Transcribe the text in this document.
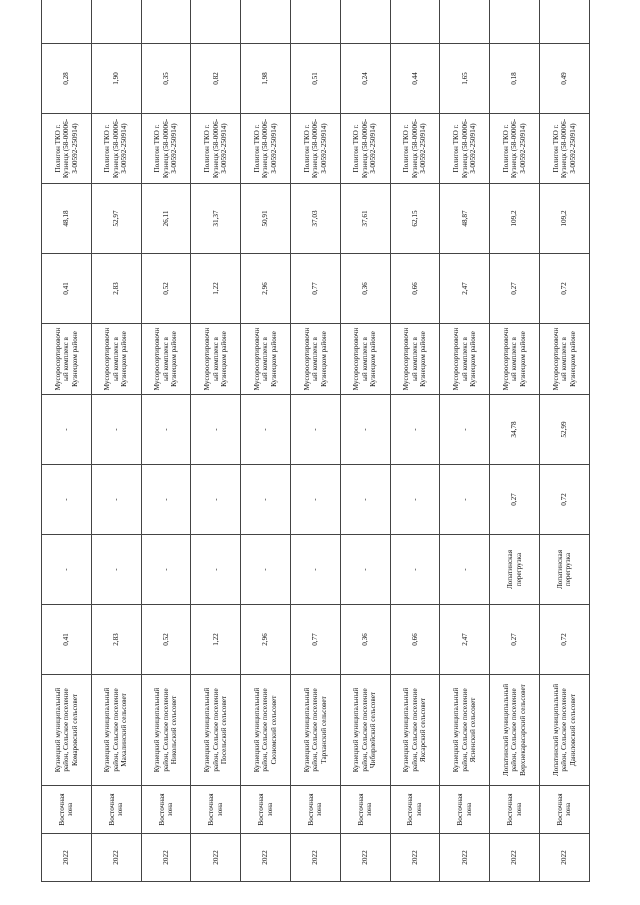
2022	Восточная зона	Кузнецкий муниципальный район, Сельское поселение Комаровский сельсовет	0,41	-	-	-	Мусоросортировочный комплекс в Кузнецком районе	0,41	48,18	Полигон ТКО г. Кузнецк (58-00006-З-00592-250914)	0,28	
2022	Восточная зона	Кузнецкий муниципальный район, Сельское поселение Махалинский сельсовет	2,83	-	-	-	Мусоросортировочный комплекс в Кузнецком районе	2,83	52,97	Полигон ТКО г. Кузнецк (58-00006-З-00592-250914)	1,90	
2022	Восточная зона	Кузнецкий муниципальный район, Сельское поселение Никольский сельсовет	0,52	-	-	-	Мусоросортировочный комплекс в Кузнецком районе	0,52	26,11	Полигон ТКО г. Кузнецк (58-00006-З-00592-250914)	0,35	
2022	Восточная зона	Кузнецкий муниципальный район, Сельское поселение Посельский сельсовет	1,22	-	-	-	Мусоросортировочный комплекс в Кузнецком районе	1,22	31,37	Полигон ТКО г. Кузнецк (58-00006-З-00592-250914)	0,82	
2022	Восточная зона	Кузнецкий муниципальный район, Сельское поселение Сюзюмский сельсовет	2,96	-	-	-	Мусоросортировочный комплекс в Кузнецком районе	2,96	50,91	Полигон ТКО г. Кузнецк (58-00006-З-00592-250914)	1,98	
2022	Восточная зона	Кузнецкий муниципальный район, Сельское поселение Тарханский сельсовет	0,77	-	-	-	Мусоросортировочный комплекс в Кузнецком районе	0,77	37,03	Полигон ТКО г. Кузнецк (58-00006-З-00592-250914)	0,51	
2022	Восточная зона	Кузнецкий муниципальный район, Сельское поселение Чибирлейский сельсовет	0,36	-	-	-	Мусоросортировочный комплекс в Кузнецком районе	0,36	37,61	Полигон ТКО г. Кузнецк (58-00006-З-00592-250914)	0,24	
2022	Восточная зона	Кузнецкий муниципальный район, Сельское поселение Яксарский сельсовет	0,66	-	-	-	Мусоросортировочный комплекс в Кузнецком районе	0,66	62,15	Полигон ТКО г. Кузнецк (58-00006-З-00592-250914)	0,44	
2022	Восточная зона	Кузнецкий муниципальный район, Сельское поселение Ясненский сельсовет	2,47	-	-	-	Мусоросортировочный комплекс в Кузнецком районе	2,47	48,87	Полигон ТКО г. Кузнецк (58-00006-З-00592-250914)	1,65	
2022	Восточная зона	Лопатинский муниципальный район, Сельское поселение Верхнекарасарский сельсовет	0,27	Лопатинская перегрузка	0,27	34,78	Мусоросортировочный комплекс в Кузнецком районе	0,27	109,2	Полигон ТКО г. Кузнецк (58-00006-З-00592-250914)	0,18	
2022	Восточная зона	Лопатинский муниципальный район, Сельское поселение Даниловский сельсовет	0,72	Лопатинская перегрузка	0,72	52,99	Мусоросортировочный комплекс в Кузнецком районе	0,72	109,2	Полигон ТКО г. Кузнецк (58-00006-З-00592-250914)	0,49	
